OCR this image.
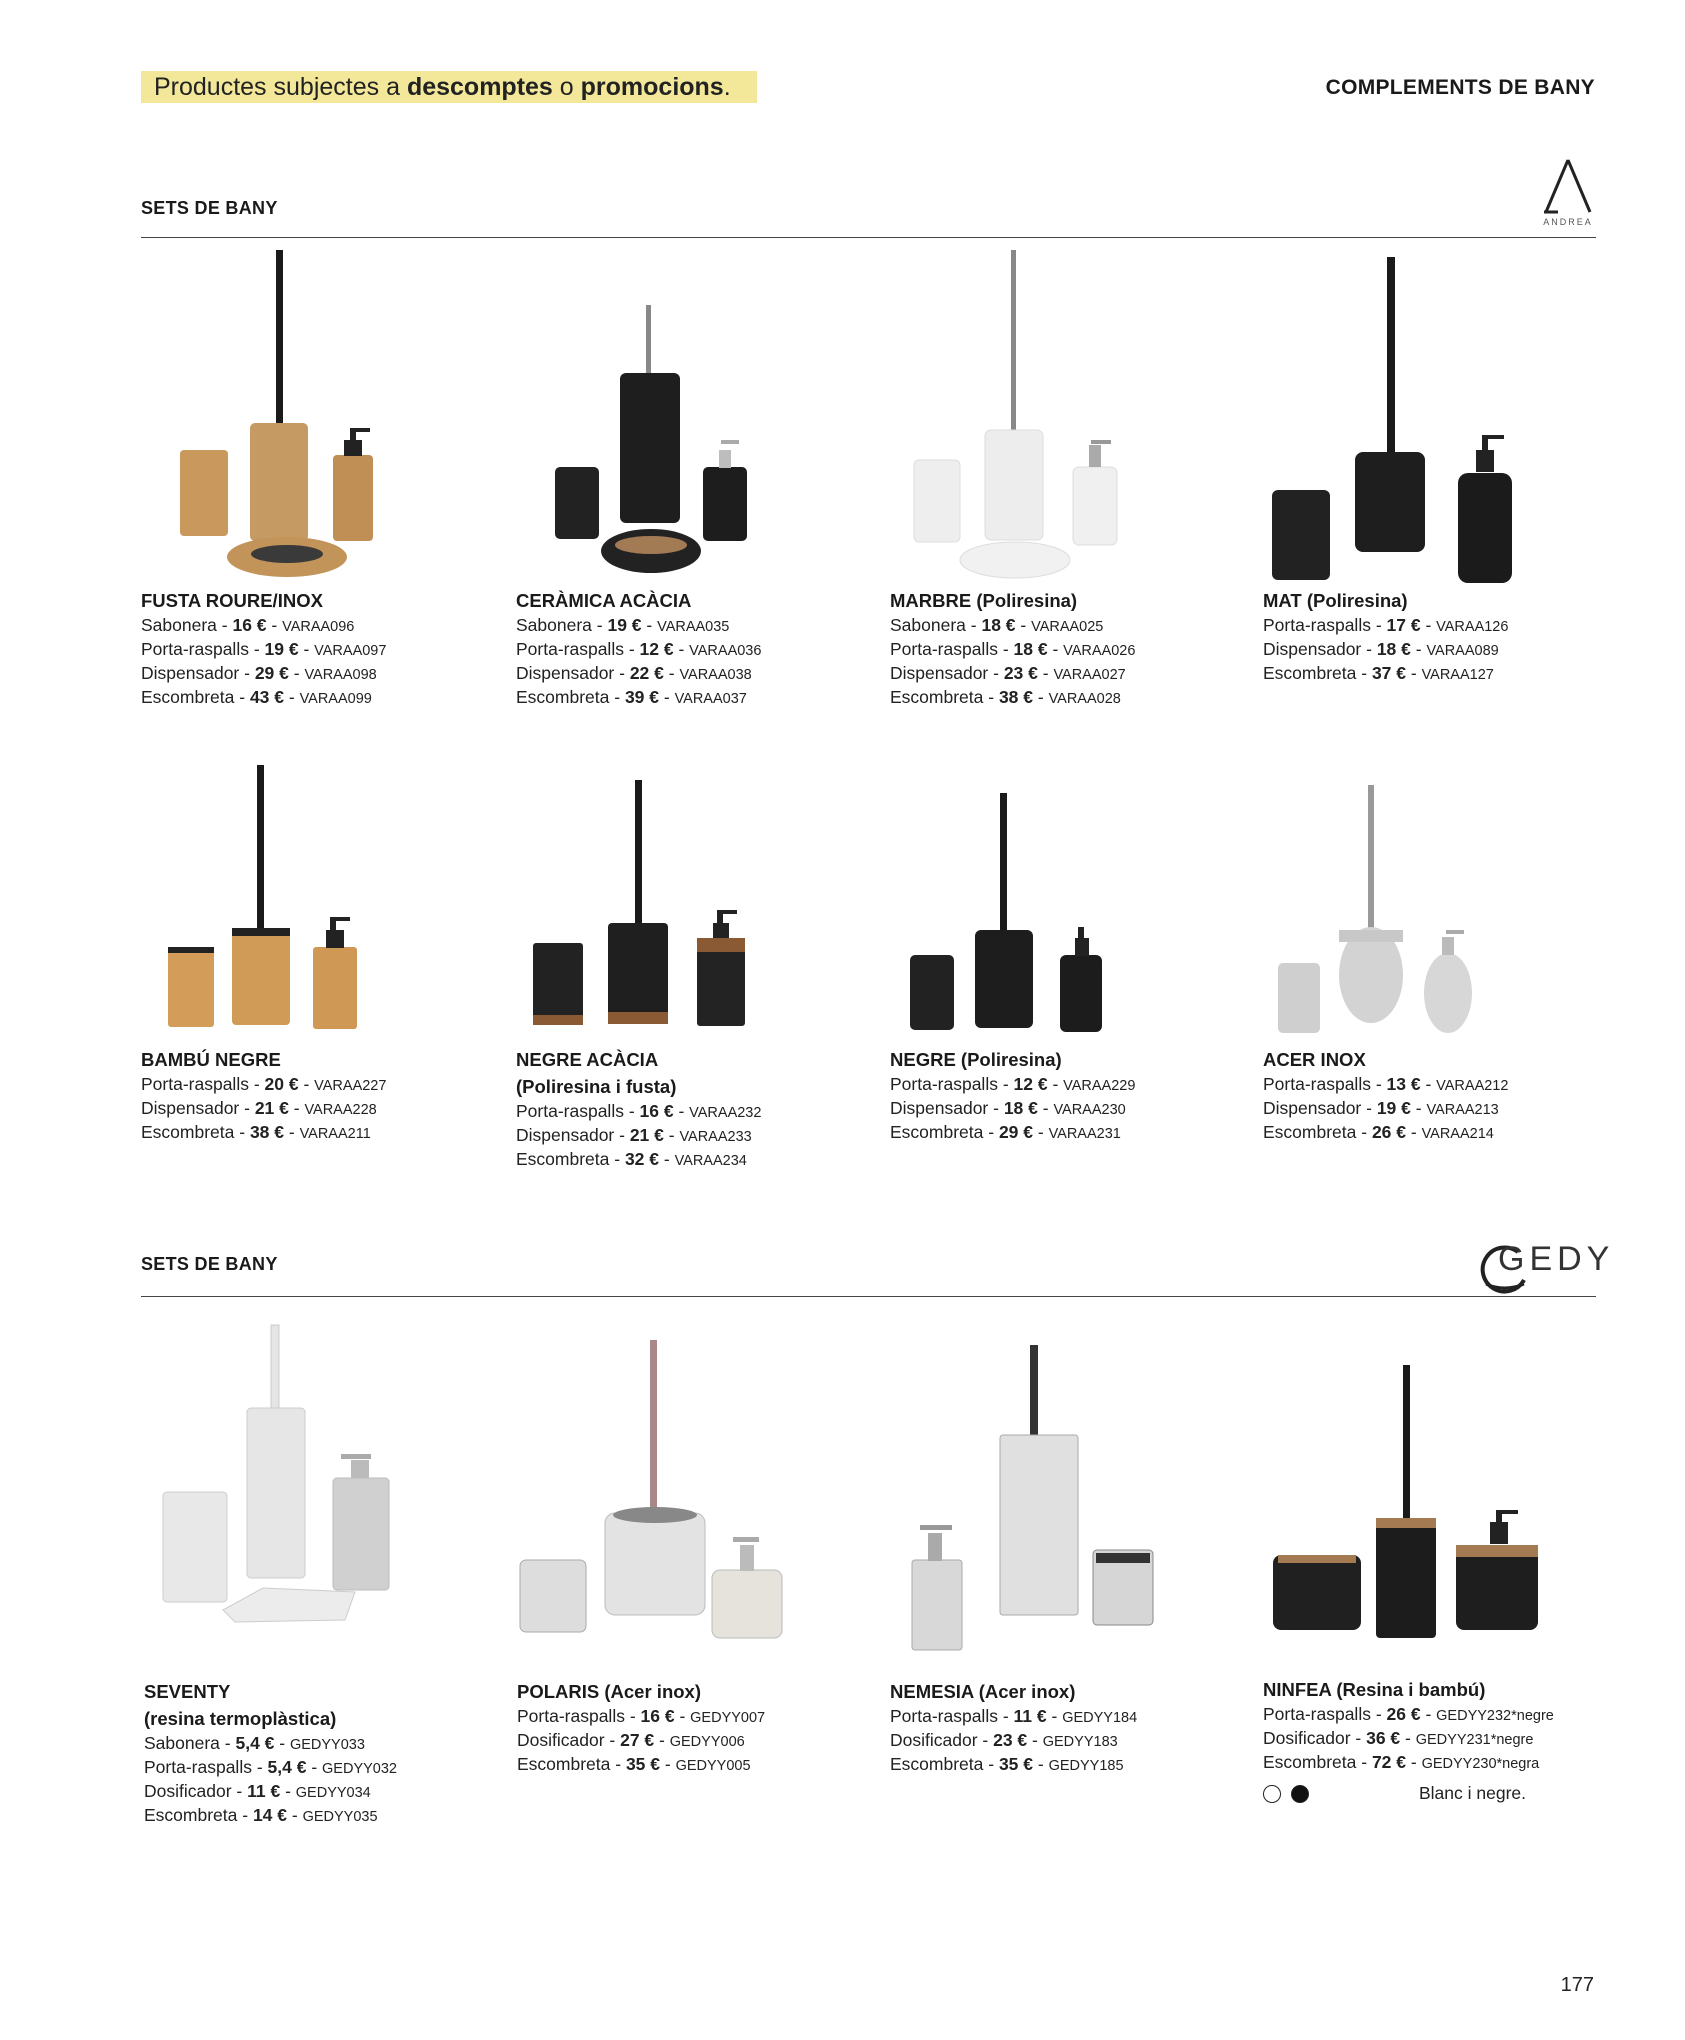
Productes subjectes a descomptes o promocions.	COMPLEMENTS DE BANY
SETS DE BANY
ANDREA
FUSTA ROURE/INOX
Sabonera - 16 € - VARAA096
Porta-raspalls - 19 € - VARAA097
Dispensador - 29 € - VARAA098
Escombreta - 43 € - VARAA099
CERÀMICA ACÀCIA
Sabonera - 19 € - VARAA035
Porta-raspalls - 12 € - VARAA036
Dispensador - 22 € - VARAA038
Escombreta - 39 € - VARAA037
MARBRE (Poliresina)
Sabonera - 18 € - VARAA025
Porta-raspalls - 18 € - VARAA026
Dispensador - 23 € - VARAA027
Escombreta - 38 € - VARAA028
MAT (Poliresina)
Porta-raspalls - 17 € - VARAA126
Dispensador - 18 € - VARAA089
Escombreta - 37 € - VARAA127
BAMBÚ NEGRE
Porta-raspalls - 20 € - VARAA227
Dispensador - 21 € - VARAA228
Escombreta - 38 € - VARAA211
NEGRE ACÀCIA
(Poliresina i fusta)
Porta-raspalls - 16 € - VARAA232
Dispensador - 21 € - VARAA233
Escombreta - 32 € - VARAA234
NEGRE (Poliresina)
Porta-raspalls - 12 € - VARAA229
Dispensador - 18 € - VARAA230
Escombreta - 29 € - VARAA231
ACER INOX
Porta-raspalls - 13 € - VARAA212
Dispensador - 19 € - VARAA213
Escombreta - 26 € - VARAA214
SETS DE BANY	GEDY
SEVENTY
(resina termoplàstica)
Sabonera - 5,4 € - GEDYY033
Porta-raspalls - 5,4 € - GEDYY032
Dosificador - 11 € - GEDYY034
Escombreta - 14 € - GEDYY035
POLARIS (Acer inox)
Porta-raspalls - 16 € - GEDYY007
Dosificador - 27 € - GEDYY006
Escombreta - 35 € - GEDYY005
NEMESIA (Acer inox)
Porta-raspalls - 11 € - GEDYY184
Dosificador - 23 € - GEDYY183
Escombreta - 35 € - GEDYY185
NINFEA (Resina i bambú)
Porta-raspalls - 26 € - GEDYY232*negre
Dosificador - 36 € - GEDYY231*negre
Escombreta - 72 € - GEDYY230*negra
Blanc i negre.
177
